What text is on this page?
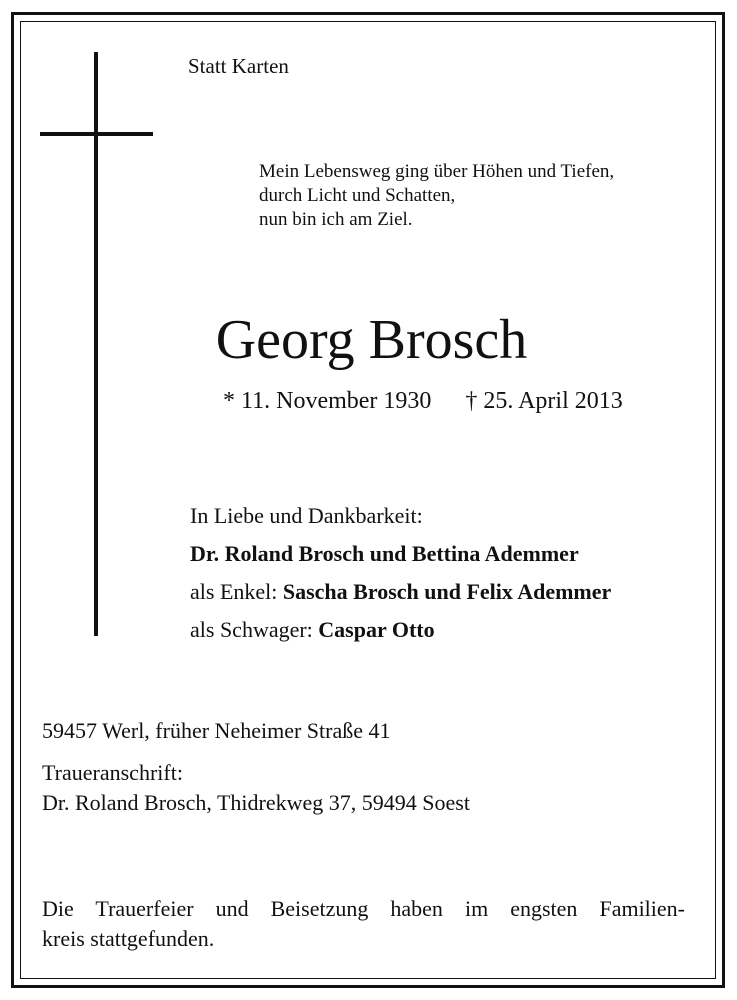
Statt Karten
Mein Lebensweg ging über Höhen und Tiefen,
durch Licht und Schatten,
nun bin ich am Ziel.
Georg Brosch
* 11. November 1930 † 25. April 2013
In Liebe und Dankbarkeit:
Dr. Roland Brosch und Bettina Ademmer
als Enkel: Sascha Brosch und Felix Ademmer
als Schwager: Caspar Otto
59457 Werl, früher Neheimer Straße 41
Traueranschrift:
Dr. Roland Brosch, Thidrekweg 37, 59494 Soest
Die Trauerfeier und Beisetzung haben im engsten Familien-
kreis stattgefunden.
